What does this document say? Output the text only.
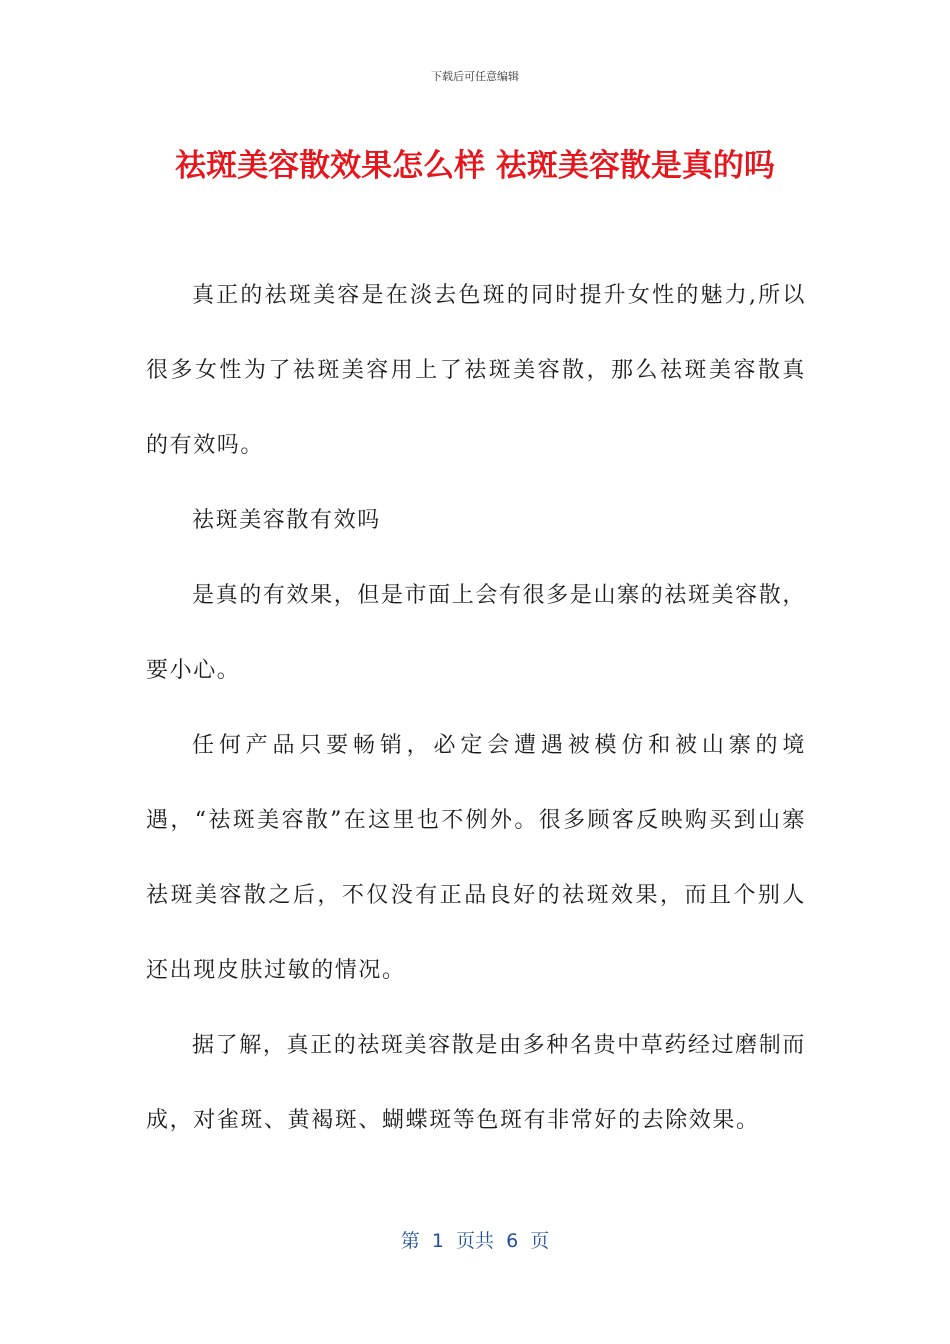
下载后可任意编辑
祛斑美容散效果怎么样 祛斑美容散是真的吗

真正的祛斑美容是在淡去色斑的同时提升女性的魅力,所以很多女性为了祛斑美容用上了祛斑美容散，那么祛斑美容散真的有效吗。

祛斑美容散有效吗

是真的有效果，但是市面上会有很多是山寨的祛斑美容散，要小心。

任何产品只要畅销，必定会遭遇被模仿和被山寨的境遇，“祛斑美容散”在这里也不例外。很多顾客反映购买到山寨祛斑美容散之后，不仅没有正品良好的祛斑效果，而且个别人还出现皮肤过敏的情况。

据了解，真正的祛斑美容散是由多种名贵中草药经过磨制而成，对雀斑、黄褐斑、蝴蝶斑等色斑有非常好的去除效果。

第  1  页共  6  页
